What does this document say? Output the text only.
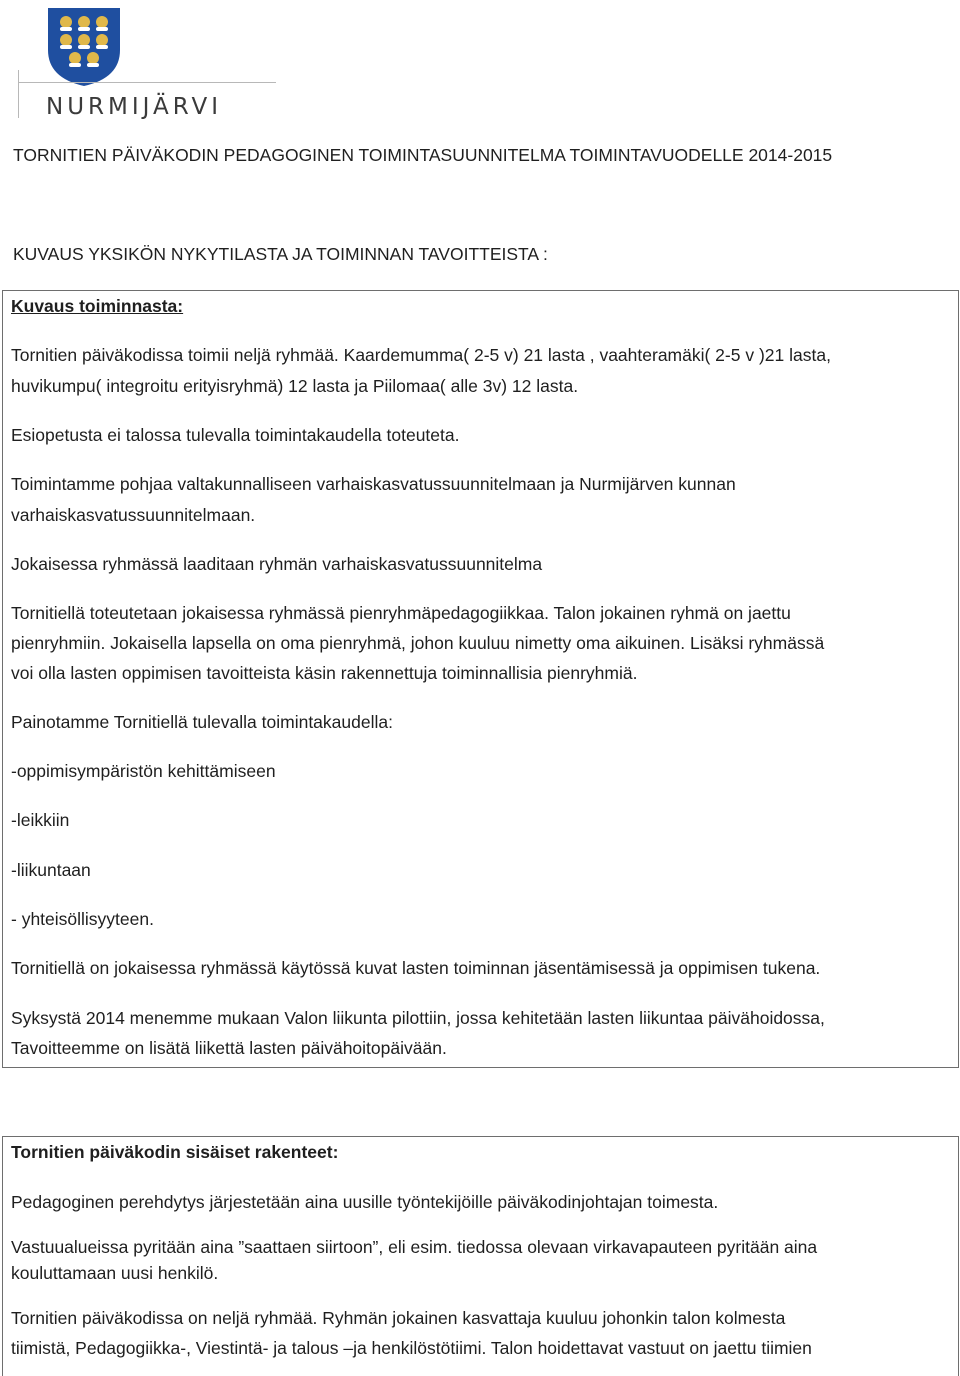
NURMIJÄRVI
TORNITIEN PÄIVÄKODIN PEDAGOGINEN TOIMINTASUUNNITELMA TOIMINTAVUODELLE 2014-2015
KUVAUS YKSIKÖN NYKYTILASTA JA TOIMINNAN TAVOITTEISTA :

Kuvaus toiminnasta:

Tornitien päiväkodissa toimii neljä ryhmää. Kaardemumma( 2-5 v) 21 lasta , vaahteramäki( 2-5 v )21 lasta,

huvikumpu( integroitu erityisryhmä) 12 lasta ja Piilomaa( alle 3v) 12 lasta.

Esiopetusta ei talossa tulevalla toimintakaudella toteuteta.

Toimintamme pohjaa valtakunnalliseen varhaiskasvatussuunnitelmaan ja Nurmijärven kunnan

varhaiskasvatussuunnitelmaan.

Jokaisessa ryhmässä laaditaan ryhmän varhaiskasvatussuunnitelma

Tornitiellä toteutetaan jokaisessa ryhmässä pienryhmäpedagogiikkaa. Talon jokainen ryhmä on jaettu

pienryhmiin. Jokaisella lapsella on oma pienryhmä, johon kuuluu nimetty oma aikuinen. Lisäksi ryhmässä

voi olla lasten oppimisen tavoitteista käsin rakennettuja toiminnallisia pienryhmiä.

Painotamme Tornitiellä tulevalla toimintakaudella:

-oppimisympäristön kehittämiseen

-leikkiin

-liikuntaan

- yhteisöllisyyteen.

Tornitiellä on jokaisessa ryhmässä käytössä kuvat lasten toiminnan jäsentämisessä ja oppimisen tukena.

Syksystä 2014 menemme mukaan Valon liikunta pilottiin, jossa kehitetään lasten liikuntaa päivähoidossa,

Tavoitteemme on lisätä liikettä lasten päivähoitopäivään.

Tornitien päiväkodin sisäiset rakenteet:

Pedagoginen perehdytys järjestetään aina uusille työntekijöille päiväkodinjohtajan toimesta.

Vastuualueissa pyritään aina ”saattaen siirtoon”, eli esim. tiedossa olevaan virkavapauteen pyritään aina

kouluttamaan uusi henkilö.

Tornitien päiväkodissa on neljä ryhmää. Ryhmän jokainen kasvattaja kuuluu johonkin talon kolmesta

tiimistä, Pedagogiikka-, Viestintä- ja talous –ja henkilöstötiimi. Talon hoidettavat vastuut on jaettu tiimien
